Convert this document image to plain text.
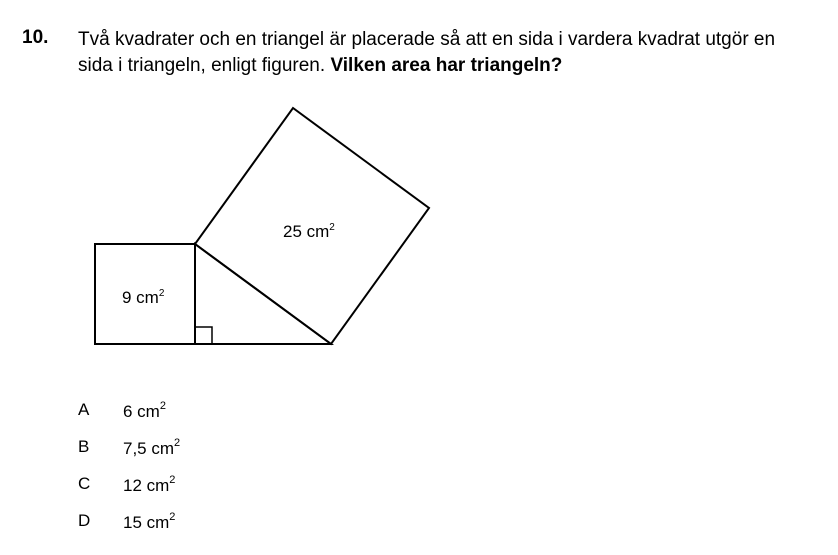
10. Två kvadrater och en triangel är placerade så att en sida i vardera kvadrat utgör en
sida i triangeln, enligt figuren. Vilken area har triangeln?
9 $cm^2$
25 $cm^2$
A 6 $cm^2$
B 7,5 $cm^2$
C 12 $cm^2$
D 15 $cm^2$
